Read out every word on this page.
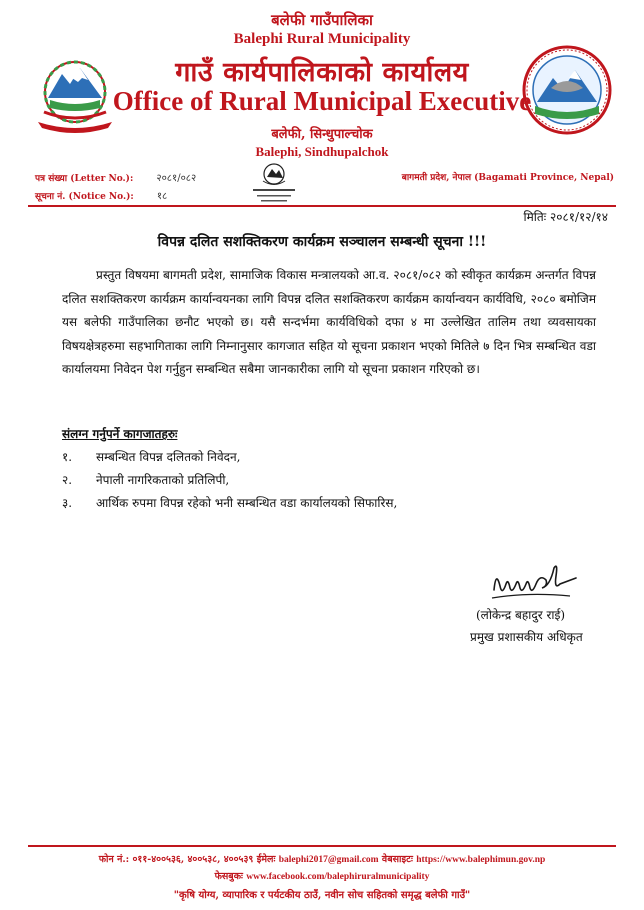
बलेफी गाउँपालिका
Balephi Rural Municipality
गाउँ कार्यपालिकाको कार्यालय
Office of Rural Municipal Executive
बलेफी, सिन्धुपाल्चोक
Balephi, Sindhupalchok
पत्र संख्या (Letter No.): २०८१/०८२
सूचना नं. (Notice No.): १८
बागमती प्रदेश, नेपाल (Bagamati Province, Nepal)
मितिः २०८१/१२/१४
विपन्न दलित सशक्तिकरण कार्यक्रम सञ्चालन सम्बन्धी सूचना !!!
प्रस्तुत विषयमा बागमती प्रदेश, सामाजिक विकास मन्त्रालयको आ.व. २०८१/०८२ को स्वीकृत कार्यक्रम अन्तर्गत विपन्न दलित सशक्तिकरण कार्यक्रम कार्यान्वयनका लागि विपन्न दलित सशक्तिकरण कार्यक्रम कार्यान्वयन कार्यविधि, २०८० बमोजिम यस बलेफी गाउँपालिका छनौट भएको छ। यसै सन्दर्भमा कार्यविधिको दफा ४ मा उल्लेखित तालिम तथा व्यवसायका विषयक्षेत्रहरुमा सहभागिताका लागि निम्नानुसार कागजात सहित यो सूचना प्रकाशन भएको मितिले ७ दिन भित्र सम्बन्धित वडा कार्यालयमा निवेदन पेश गर्नुहुन सम्बन्धित सबैमा जानकारीका लागि यो सूचना प्रकाशन गरिएको छ।
संलग्न गर्नुपर्ने कागजातहरुः
१.	सम्बन्धित विपन्न दलितको निवेदन,
२.	नेपाली नागरिकताको प्रतिलिपी,
३.	आर्थिक रुपमा विपन्न रहेको भनी सम्बन्धित वडा कार्यालयको सिफारिस,
(लोकेन्द्र बहादुर राई)
प्रमुख प्रशासकीय अधिकृत
फोन नं.: ०११-४००५३६, ४००५३८, ४००५३९ ईमेलः balephi2017@gmail.com वेबसाइटः https://www.balephimun.gov.np
फेसबुकः www.facebook.com/balephiruralmunicipality
"कृषि योग्य, व्यापारिक र पर्यटकीय ठाउँ, नवीन सोच सहितको समृद्ध बलेफी गाउँ"
